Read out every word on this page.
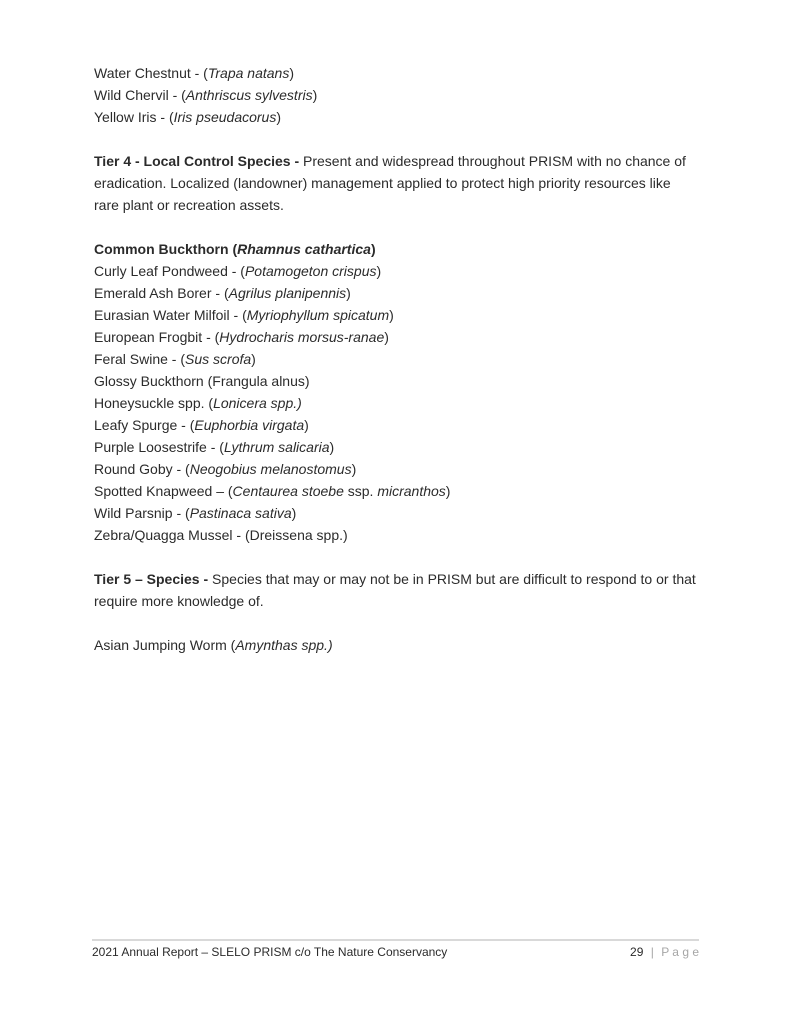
Water Chestnut - (Trapa natans)
Wild Chervil - (Anthriscus sylvestris)
Yellow Iris - (Iris pseudacorus)
Tier 4 - Local Control Species - Present and widespread throughout PRISM with no chance of
eradication. Localized (landowner) management applied to protect high priority resources like
rare plant or recreation assets.
Common Buckthorn (Rhamnus cathartica)
Curly Leaf Pondweed - (Potamogeton crispus)
Emerald Ash Borer - (Agrilus planipennis)
Eurasian Water Milfoil - (Myriophyllum spicatum)
European Frogbit - (Hydrocharis morsus-ranae)
Feral Swine - (Sus scrofa)
Glossy Buckthorn (Frangula alnus)
Honeysuckle spp. (Lonicera spp.)
Leafy Spurge - (Euphorbia virgata)
Purple Loosestrife - (Lythrum salicaria)
Round Goby - (Neogobius melanostomus)
Spotted Knapweed – (Centaurea stoebe ssp. micranthos)
Wild Parsnip - (Pastinaca sativa)
Zebra/Quagga Mussel - (Dreissena spp.)
Tier 5 – Species - Species that may or may not be in PRISM but are difficult to respond to or that
require more knowledge of.
Asian Jumping Worm (Amynthas spp.)
2021 Annual Report – SLELO PRISM c/o The Nature Conservancy	29 | P a g e
